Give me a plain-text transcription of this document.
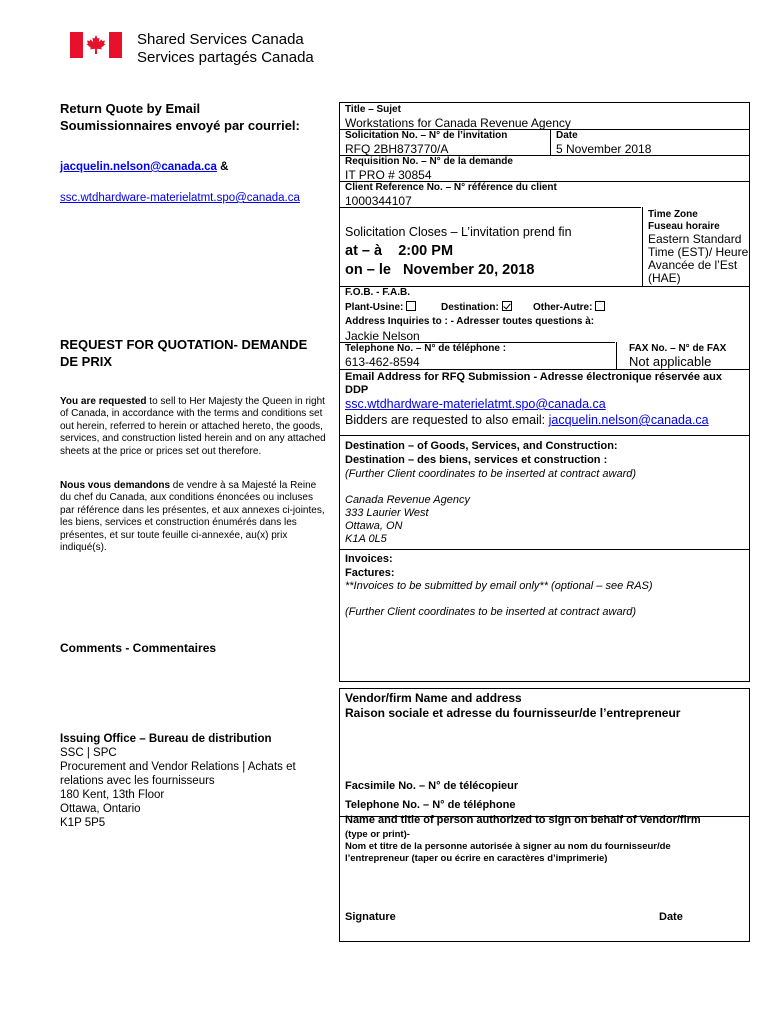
Shared Services Canada
Services partagés Canada
Return Quote by Email
Soumissionnaires envoyé par courriel:
jacquelin.nelson@canada.ca &
ssc.wtdhardware-materielatmt.spo@canada.ca
REQUEST FOR QUOTATION- DEMANDE
DE PRIX
You are requested to sell to Her Majesty the Queen in right of Canada, in accordance with the terms and conditions set out herein, referred to herein or attached hereto, the goods, services, and construction listed herein and on any attached sheets at the price or prices set out therefore.
Nous vous demandons de vendre à sa Majesté la Reine du chef du Canada, aux conditions énoncées ou incluses par référence dans les présentes, et aux annexes ci-jointes, les biens, services et construction énumérés dans les présentes, et sur toute feuille ci-annexée, au(x) prix indiqué(s).
Comments - Commentaires
Issuing Office – Bureau de distribution
SSC | SPC
Procurement and Vendor Relations | Achats et
relations avec les fournisseurs
180 Kent, 13th Floor
Ottawa, Ontario
K1P 5P5
Title – Sujet
Workstations for Canada Revenue Agency
Solicitation No. – N° de l’invitation
RFQ 2BH873770/A
Date
5 November 2018
Requisition No. – N° de la demande
IT PRO # 30854
Client Reference No. – N° référence du client
1000344107
Solicitation Closes – L’invitation prend fin
at – à 2:00 PM
on – le November 20, 2018
Time Zone
Fuseau horaire
Eastern Standard
Time (EST)/ Heure
Avancée de l’Est
(HAE)
F.O.B. - F.A.B.
Plant-Usine:	Destination:	Other-Autre:
Address Inquiries to : - Adresser toutes questions à:
Jackie Nelson
Telephone No. – N° de téléphone :
613-462-8594
FAX No. – N° de FAX
Not applicable
Email Address for RFQ Submission - Adresse électronique réservée aux
DDP
ssc.wtdhardware-materielatmt.spo@canada.ca
Bidders are requested to also email: jacquelin.nelson@canada.ca
Destination – of Goods, Services, and Construction:
Destination – des biens, services et construction :
(Further Client coordinates to be inserted at contract award)
Canada Revenue Agency
333 Laurier West
Ottawa, ON
K1A 0L5
Invoices:
Factures:
**Invoices to be submitted by email only** (optional – see RAS)
(Further Client coordinates to be inserted at contract award)
Vendor/firm Name and address
Raison sociale et adresse du fournisseur/de l’entrepreneur
Facsimile No. – N° de télécopieur
Telephone No. – N° de téléphone
Name and title of person authorized to sign on behalf of Vendor/firm
(type or print)-
Nom et titre de la personne autorisée à signer au nom du fournisseur/de
l’entrepreneur (taper ou écrire en caractères d’imprimerie)
Signature	Date
